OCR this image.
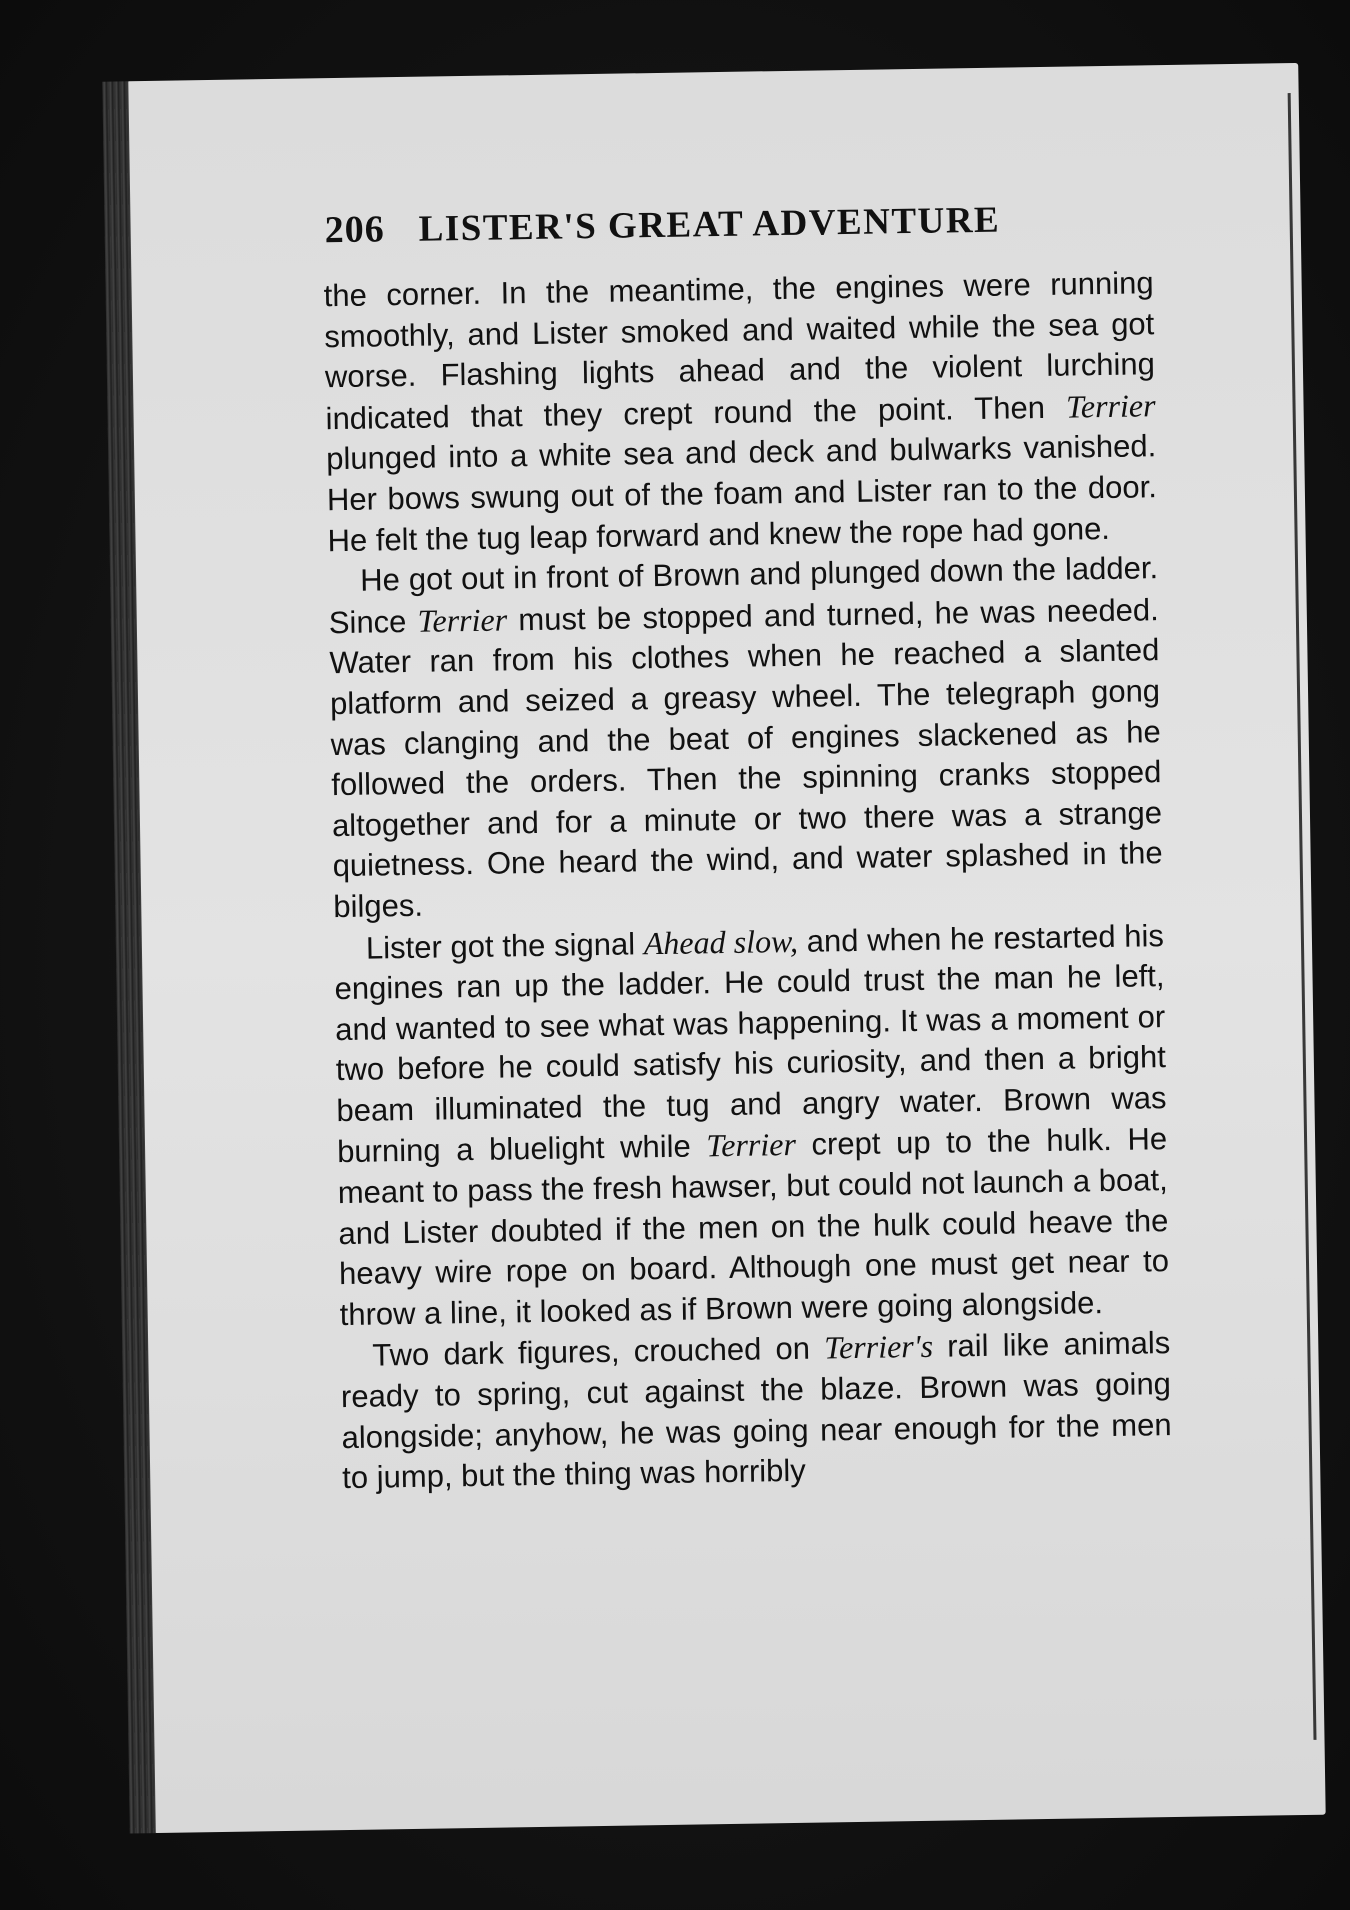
206 LISTER'S GREAT ADVENTURE

the corner. In the meantime, the engines were running smoothly, and Lister smoked and waited while the sea got worse. Flashing lights ahead and the violent lurching indicated that they crept round the point. Then Terrier plunged into a white sea and deck and bulwarks vanished. Her bows swung out of the foam and Lister ran to the door. He felt the tug leap forward and knew the rope had gone.

He got out in front of Brown and plunged down the ladder. Since Terrier must be stopped and turned, he was needed. Water ran from his clothes when he reached a slanted platform and seized a greasy wheel. The telegraph gong was clanging and the beat of engines slackened as he followed the orders. Then the spinning cranks stopped altogether and for a minute or two there was a strange quietness. One heard the wind, and water splashed in the bilges.

Lister got the signal Ahead slow, and when he restarted his engines ran up the ladder. He could trust the man he left, and wanted to see what was happening. It was a moment or two before he could satisfy his curiosity, and then a bright beam illuminated the tug and angry water. Brown was burning a bluelight while Terrier crept up to the hulk. He meant to pass the fresh hawser, but could not launch a boat, and Lister doubted if the men on the hulk could heave the heavy wire rope on board. Although one must get near to throw a line, it looked as if Brown were going alongside.

Two dark figures, crouched on Terrier's rail like animals ready to spring, cut against the blaze. Brown was going alongside; anyhow, he was going near enough for the men to jump, but the thing was horribly
